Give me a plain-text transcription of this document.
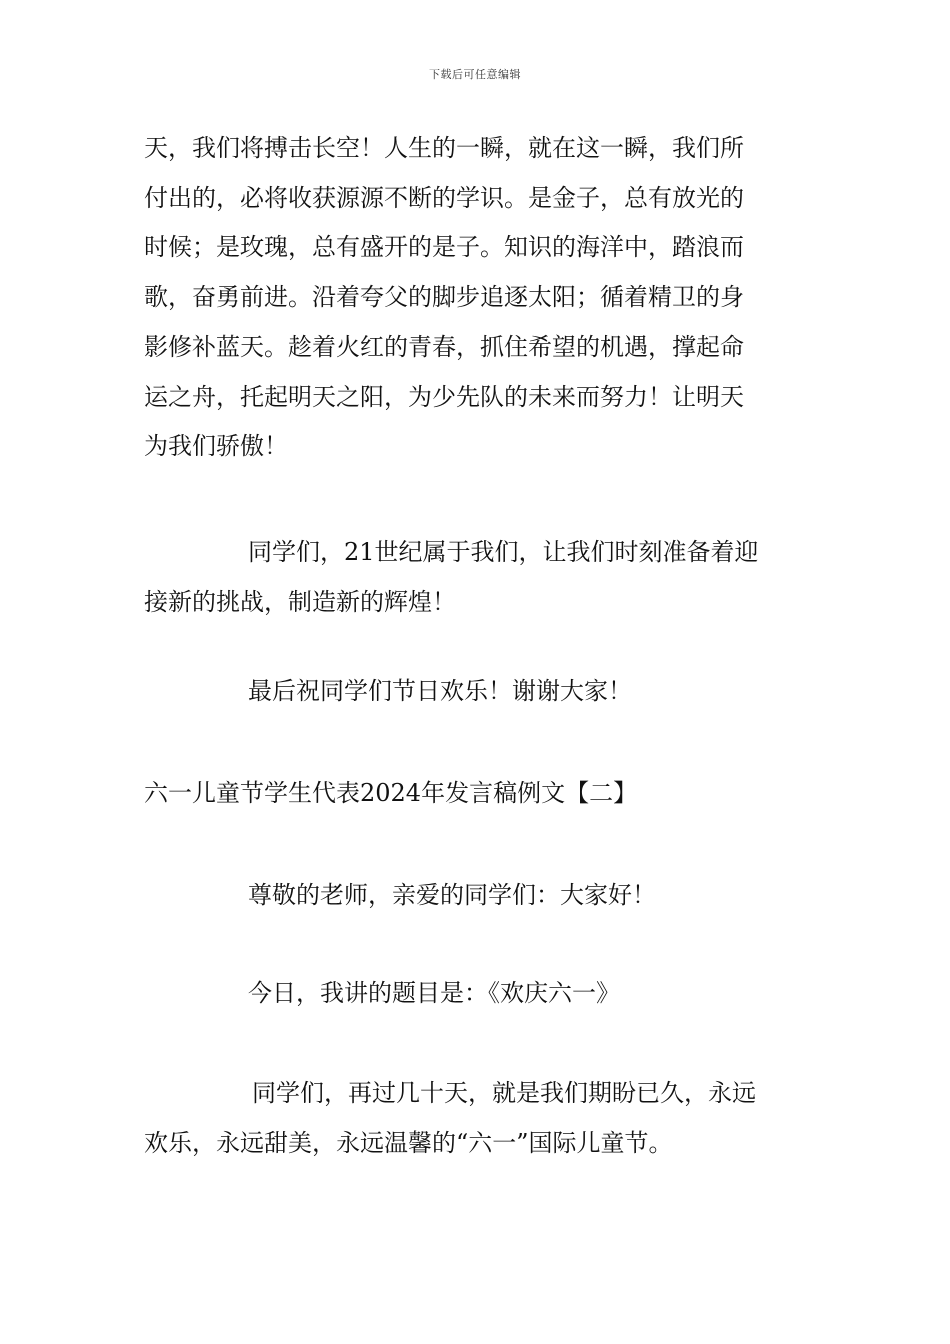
下载后可任意编辑
天，我们将搏击长空！人生的一瞬，就在这一瞬，我们所
付出的，必将收获源源不断的学识。是金子，总有放光的
时候；是玫瑰，总有盛开的是子。知识的海洋中，踏浪而
歌，奋勇前进。沿着夸父的脚步追逐太阳；循着精卫的身
影修补蓝天。趁着火红的青春，抓住希望的机遇，撑起命
运之舟，托起明天之阳，为少先队的未来而努力！让明天
为我们骄傲！
同学们，21世纪属于我们，让我们时刻准备着迎
接新的挑战，制造新的辉煌！
最后祝同学们节日欢乐！谢谢大家！
六一儿童节学生代表2024年发言稿例文【二】
尊敬的老师，亲爱的同学们：大家好！
今日，我讲的题目是：《欢庆六一》
同学们，再过几十天，就是我们期盼已久，永远
欢乐，永远甜美，永远温馨的“六一”国际儿童节。
